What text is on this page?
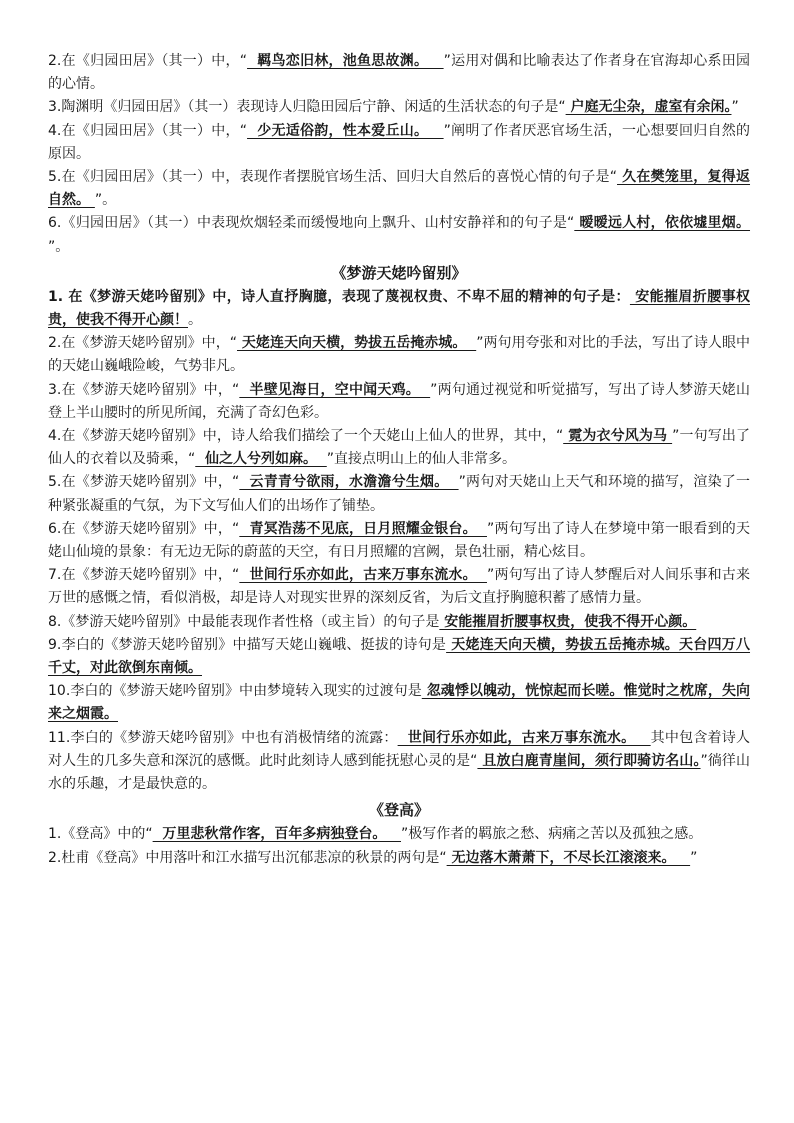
2.在《归园田居》（其一）中，“  羁鸟恋旧林，池鱼思故渊。   ”运用对偶和比喻表达了作者身在官海却心系田园的心情。

3.陶渊明《归园田居》（其一）表现诗人归隐田园后宁静、闲适的生活状态的句子是“ 户庭无尘杂，虚室有余闲。”

4.在《归园田居》（其一）中，“  少无适俗韵，性本爱丘山。   ”阐明了作者厌恶官场生活，一心想要回归自然的原因。

5.在《归园田居》（其一）中，表现作者摆脱官场生活、回归大自然后的喜悦心情的句子是“ 久在樊笼里，复得返自然。 ”。

6.《归园田居》（其一）中表现炊烟轻柔而缓慢地向上飘升、山村安静祥和的句子是“ 暧暧远人村，依依墟里烟。 ”。

《梦游天姥吟留别》

1. 在《梦游天姥吟留别》中，诗人直抒胸臆，表现了蔑视权贵、不卑不屈的精神的句子是： 安能摧眉折腰事权贵，使我不得开心颜！。

2.在《梦游天姥吟留别》中，“ 天姥连天向天横，势拔五岳掩赤城。  ”两句用夸张和对比的手法，写出了诗人眼中的天姥山巍峨险峻，气势非凡。

3.在《梦游天姥吟留别》中，“  半壁见海日，空中闻天鸡。  ”两句通过视觉和听觉描写，写出了诗人梦游天姥山登上半山腰时的所见所闻，充满了奇幻色彩。

4.在《梦游天姥吟留别》中，诗人给我们描绘了一个天姥山上仙人的世界，其中，“ 霓为衣兮风为马 ”一句写出了仙人的衣着以及骑乘，“  仙之人兮列如麻。  ”直接点明山上的仙人非常多。

5.在《梦游天姥吟留别》中，“  云青青兮欲雨，水澹澹兮生烟。  ”两句对天姥山上天气和环境的描写，渲染了一种紧张凝重的气氛，为下文写仙人们的出场作了铺垫。

6.在《梦游天姥吟留别》中，“  青冥浩荡不见底，日月照耀金银台。  ”两句写出了诗人在梦境中第一眼看到的天姥山仙境的景象：有无边无际的蔚蓝的天空，有日月照耀的宫阙，景色壮丽，精心炫目。

7.在《梦游天姥吟留别》中，“  世间行乐亦如此，古来万事东流水。  ”两句写出了诗人梦醒后对人间乐事和古来万世的感慨之情，看似消极，却是诗人对现实世界的深刻反省，为后文直抒胸臆积蓄了感情力量。

8.《梦游天姥吟留别》中最能表现作者性格（或主旨）的句子是 安能摧眉折腰事权贵，使我不得开心颜。

9.李白的《梦游天姥吟留别》中描写天姥山巍峨、挺拔的诗句是 天姥连天向天横，势拔五岳掩赤城。天台四万八千丈，对此欲倒东南倾。

10.李白的《梦游天姥吟留别》中由梦境转入现实的过渡句是 忽魂悸以魄动，恍惊起而长嗟。惟觉时之枕席，失向来之烟霞。

11.李白的《梦游天姥吟留别》中也有消极情绪的流露：  世间行乐亦如此，古来万事东流水。   其中包含着诗人对人生的几多失意和深沉的感慨。此时此刻诗人感到能抚慰心灵的是“ 且放白鹿青崖间，须行即骑访名山。”徜徉山水的乐趣，才是最快意的。

《登高》

1.《登高》中的“  万里悲秋常作客，百年多病独登台。   ”极写作者的羁旅之愁、病痛之苦以及孤独之感。

2.杜甫《登高》中用落叶和江水描写出沉郁悲凉的秋景的两句是“ 无边落木萧萧下，不尽长江滚滚来。   ”
